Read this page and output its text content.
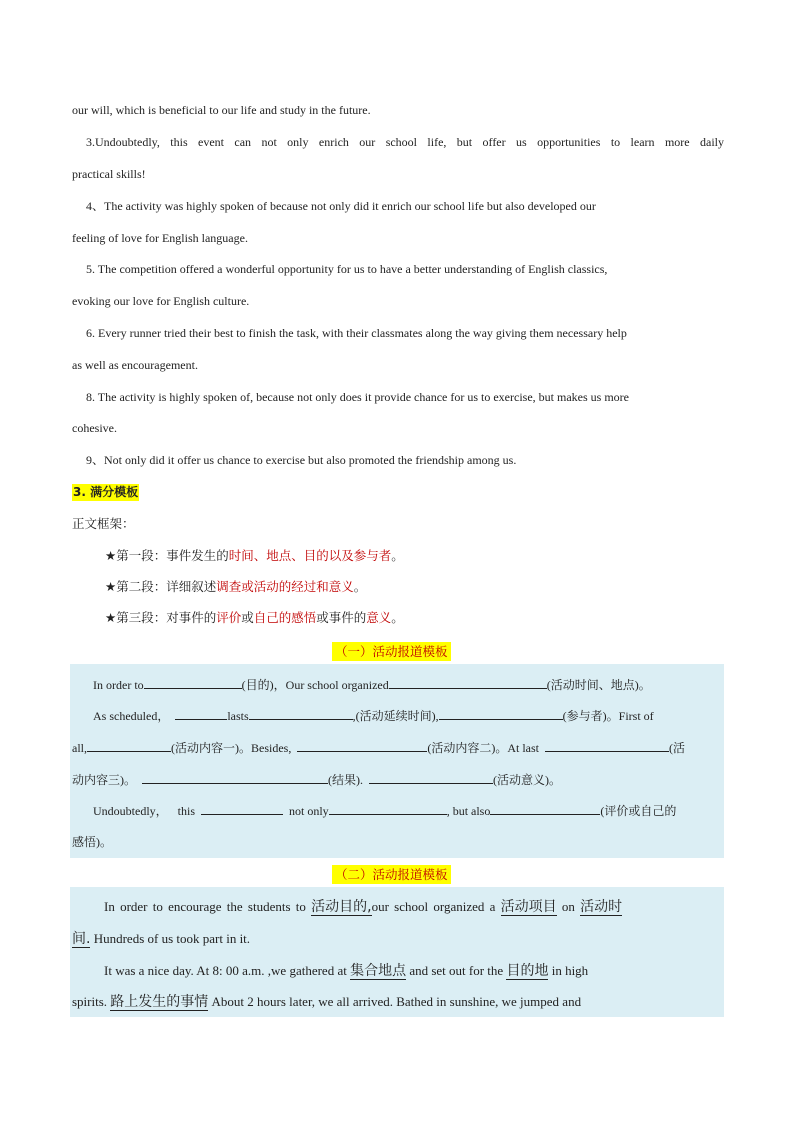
our will, which is beneficial to our life and study in the future.
3.Undoubtedly, this event can not only enrich our school life, but offer us opportunities to learn more daily
practical skills!
4、The activity was highly spoken of because not only did it enrich our school life but also developed our
feeling of love for English language.
5. The competition offered a wonderful opportunity for us to have a better understanding of English classics,
evoking our love for English culture.
6. Every runner tried their best to finish the task, with their classmates along the way giving them necessary help
as well as encouragement.
8. The activity is highly spoken of, because not only does it provide chance for us to exercise, but makes us more
cohesive.
9、Not only did it offer us chance to exercise but also promoted the friendship among us.
3. 满分模板
正文框架：
★第一段：事件发生的时间、地点、目的以及参与者。
★第二段：详细叙述调查或活动的经过和意义。
★第三段：对事件的评价或自己的感悟或事件的意义。
（一）活动报道模板
In order to	(目的)，Our school organized	(活动时间、地点)。
As scheduled，	lasts	,(活动延续时间),	(参与者)。First of
all,	(活动内容一)。Besides,	(活动内容二)。At last	(活
动内容三)。	(结果).	(活动意义)。
Undoubtedly， this	not only	, but also	(评价或自己的
感悟)。
（二）活动报道模板
In order to encourage the students to 活动目的,our school organized a 活动项目 on 活动时
间. Hundreds of us took part in it.
It was a nice day. At 8: 00 a.m. ,we gathered at 集合地点 and set out for the 目的地 in high
spirits. 路上发生的事情 About 2 hours later, we all arrived. Bathed in sunshine, we jumped and
